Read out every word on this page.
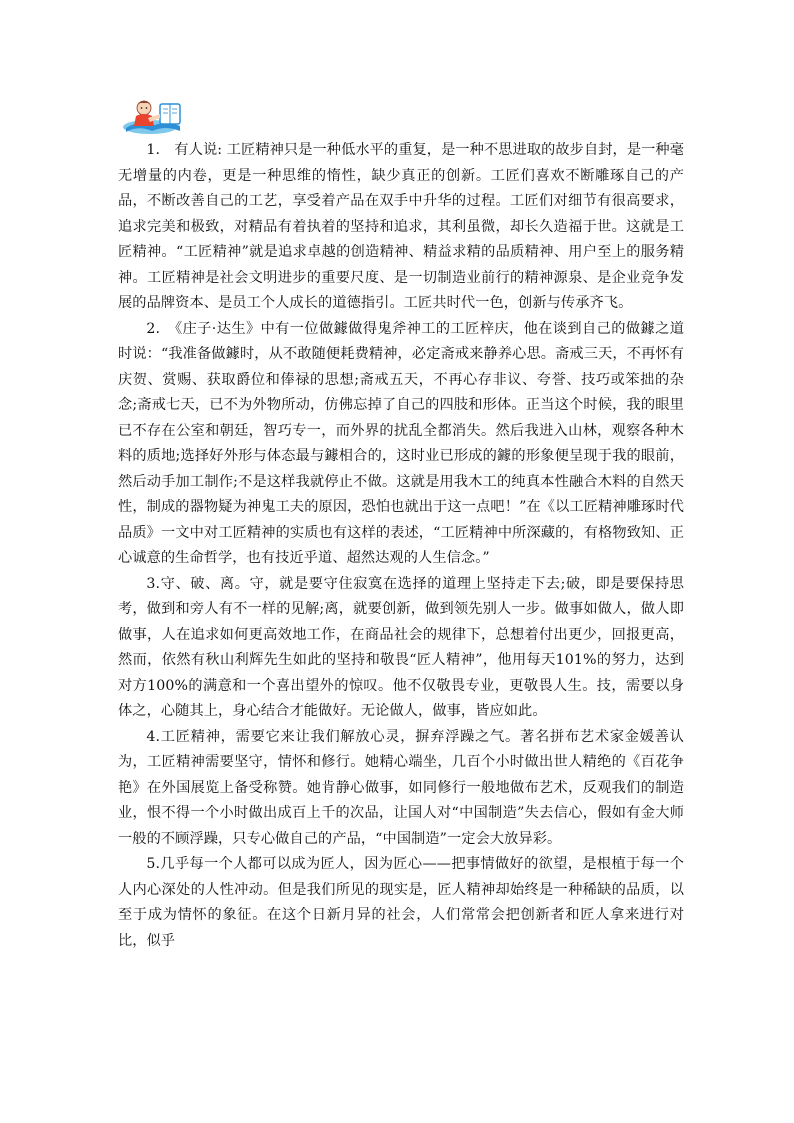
1.　有人说: 工匠精神只是一种低水平的重复，是一种不思进取的故步自封，是一种毫无增量的内卷，更是一种思维的惰性，缺少真正的创新。工匠们喜欢不断雕琢自己的产品，不断改善自己的工艺，享受着产品在双手中升华的过程。工匠们对细节有很高要求，追求完美和极致，对精品有着执着的坚持和追求，其利虽微，却长久造福于世。这就是工匠精神。“工匠精神”就是追求卓越的创造精神、精益求精的品质精神、用户至上的服务精神。工匠精神是社会文明进步的重要尺度、是一切制造业前行的精神源泉、是企业竞争发展的品牌资本、是员工个人成长的道德指引。工匠共时代一色，创新与传承齐飞。

2.　《庄子·达生》中有一位做鐻做得鬼斧神工的工匠梓庆，他在谈到自己的做鐻之道时说：“我准备做鐻时，从不敢随便耗费精神，必定斋戒来静养心思。斋戒三天，不再怀有庆贺、赏赐、获取爵位和俸禄的思想;斋戒五天，不再心存非议、夸誉、技巧或笨拙的杂念;斋戒七天，已不为外物所动，仿佛忘掉了自己的四肢和形体。正当这个时候，我的眼里已不存在公室和朝廷，智巧专一，而外界的扰乱全都消失。然后我进入山林，观察各种木料的质地;选择好外形与体态最与鐻相合的，这时业已形成的鐻的形象便呈现于我的眼前，然后动手加工制作;不是这样我就停止不做。这就是用我木工的纯真本性融合木料的自然天性，制成的器物疑为神鬼工夫的原因，恐怕也就出于这一点吧！”在《以工匠精神雕琢时代品质》一文中对工匠精神的实质也有这样的表述，“工匠精神中所深藏的，有格物致知、正心诚意的生命哲学，也有技近乎道、超然达观的人生信念。”

3.守、破、离。守，就是要守住寂寞在选择的道理上坚持走下去;破，即是要保持思考，做到和旁人有不一样的见解;离，就要创新，做到领先别人一步。做事如做人，做人即做事，人在追求如何更高效地工作，在商品社会的规律下，总想着付出更少，回报更高，然而，依然有秋山利辉先生如此的坚持和敬畏“匠人精神”，他用每天101%的努力，达到对方100%的满意和一个喜出望外的惊叹。他不仅敬畏专业，更敬畏人生。技，需要以身体之，心随其上，身心结合才能做好。无论做人，做事，皆应如此。

4.工匠精神，需要它来让我们解放心灵，摒弃浮躁之气。著名拼布艺术家金媛善认为，工匠精神需要坚守，情怀和修行。她精心端坐，几百个小时做出世人精绝的《百花争艳》在外国展览上备受称赞。她肯静心做事，如同修行一般地做布艺术，反观我们的制造业，恨不得一个小时做出成百上千的次品，让国人对“中国制造”失去信心，假如有金大师一般的不顾浮躁，只专心做自己的产品，“中国制造”一定会大放异彩。

5.几乎每一个人都可以成为匠人，因为匠心——把事情做好的欲望，是根植于每一个人内心深处的人性冲动。但是我们所见的现实是，匠人精神却始终是一种稀缺的品质，以至于成为情怀的象征。在这个日新月异的社会，人们常常会把创新者和匠人拿来进行对比，似乎
